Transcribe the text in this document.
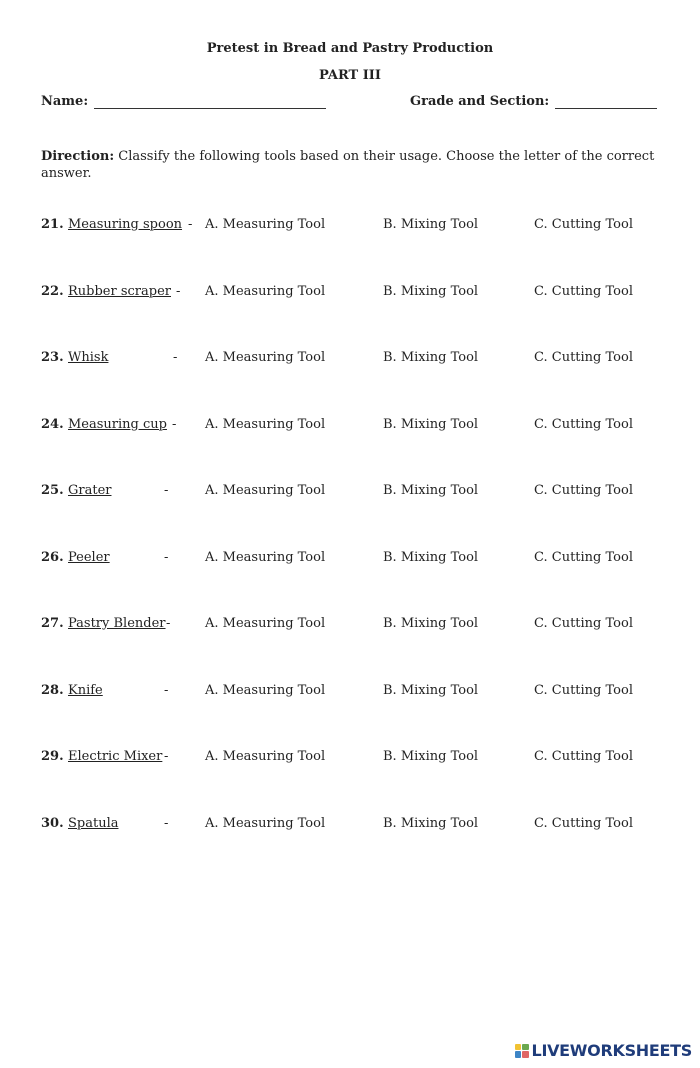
Pretest in Bread and Pastry Production
PART III
Name:	Grade and Section:
Direction: Classify the following tools based on their usage. Choose the letter of the correct answer.
21. Measuring spoon - A. Measuring Tool	B. Mixing Tool	C. Cutting Tool
22. Rubber scraper - A. Measuring Tool	B. Mixing Tool	C. Cutting Tool
23. Whisk	- A. Measuring Tool	B. Mixing Tool	C. Cutting Tool
24. Measuring cup - A. Measuring Tool	B. Mixing Tool	C. Cutting Tool
25. Grater	-	A. Measuring Tool	B. Mixing Tool	C. Cutting Tool
26. Peeler	-	A. Measuring Tool	B. Mixing Tool	C. Cutting Tool
27. Pastry Blender -	A. Measuring Tool	B. Mixing Tool	C. Cutting Tool
28. Knife	-	A. Measuring Tool	B. Mixing Tool	C. Cutting Tool
29. Electric Mixer -	A. Measuring Tool	B. Mixing Tool	C. Cutting Tool
30. Spatula	-	A. Measuring Tool	B. Mixing Tool	C. Cutting Tool
LIVEWORKSHEETS
